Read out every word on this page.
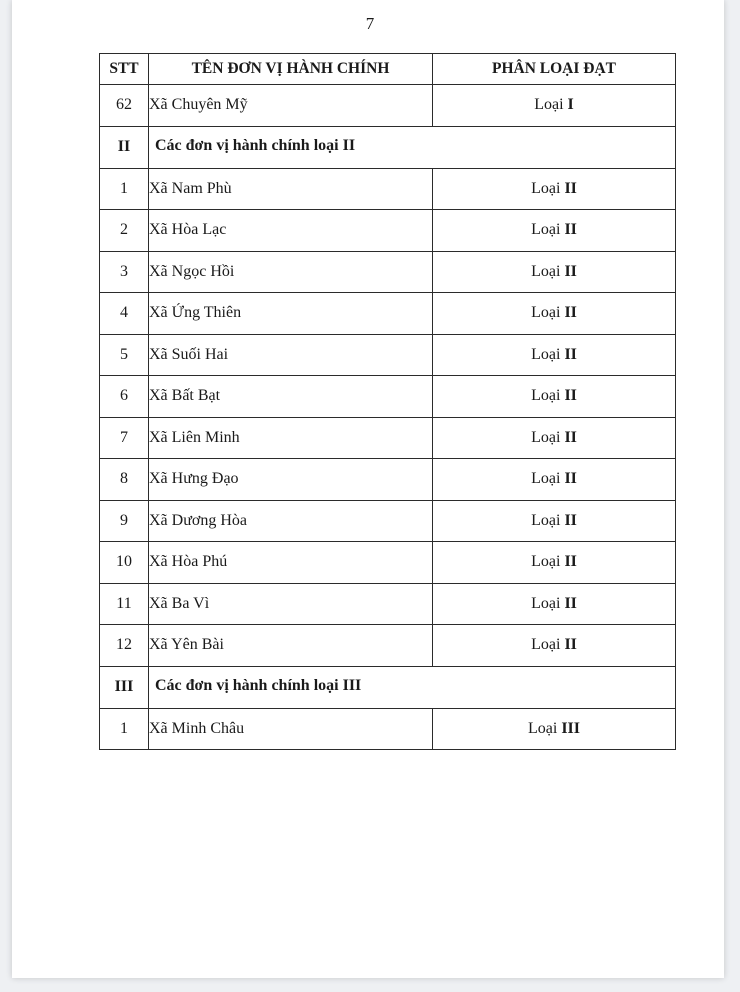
7
STT	TÊN ĐƠN VỊ HÀNH CHÍNH	PHÂN LOẠI ĐẠT
62	Xã Chuyên Mỹ	Loại I
II	Các đơn vị hành chính loại II	
1	Xã Nam Phù	Loại II
2	Xã Hòa Lạc	Loại II
3	Xã Ngọc Hồi	Loại II
4	Xã Ứng Thiên	Loại II
5	Xã Suối Hai	Loại II
6	Xã Bất Bạt	Loại II
7	Xã Liên Minh	Loại II
8	Xã Hưng Đạo	Loại II
9	Xã Dương Hòa	Loại II
10	Xã Hòa Phú	Loại II
11	Xã Ba Vì	Loại II
12	Xã Yên Bài	Loại II
III	Các đơn vị hành chính loại III	
1	Xã Minh Châu	Loại III
